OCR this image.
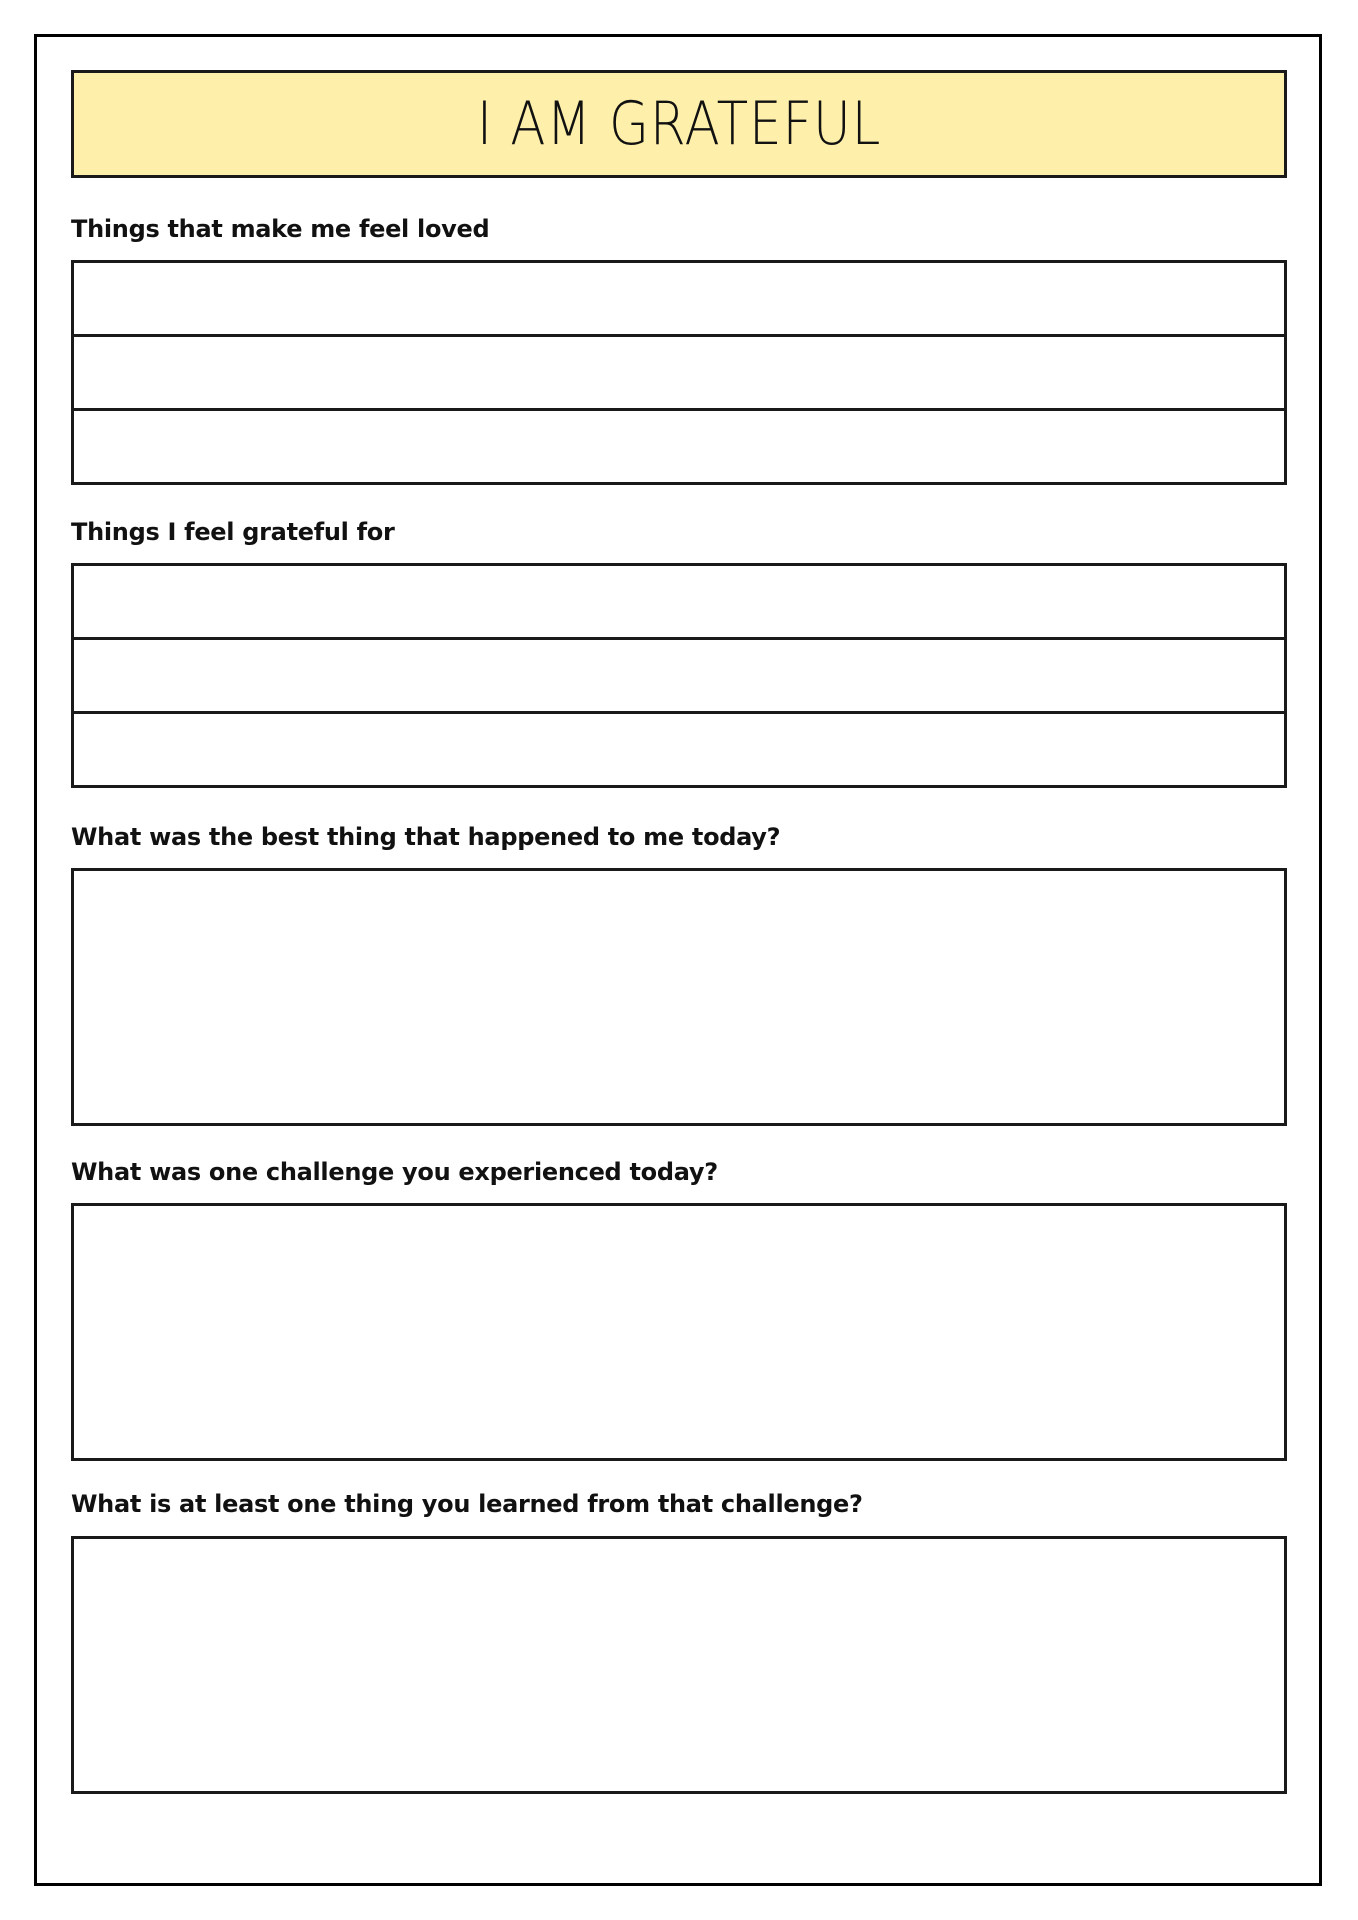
I AM GRATEFUL
Things that make me feel loved
Things I feel grateful for
What was the best thing that happened to me today?
What was one challenge you experienced today?
What is at least one thing you learned from that challenge?
